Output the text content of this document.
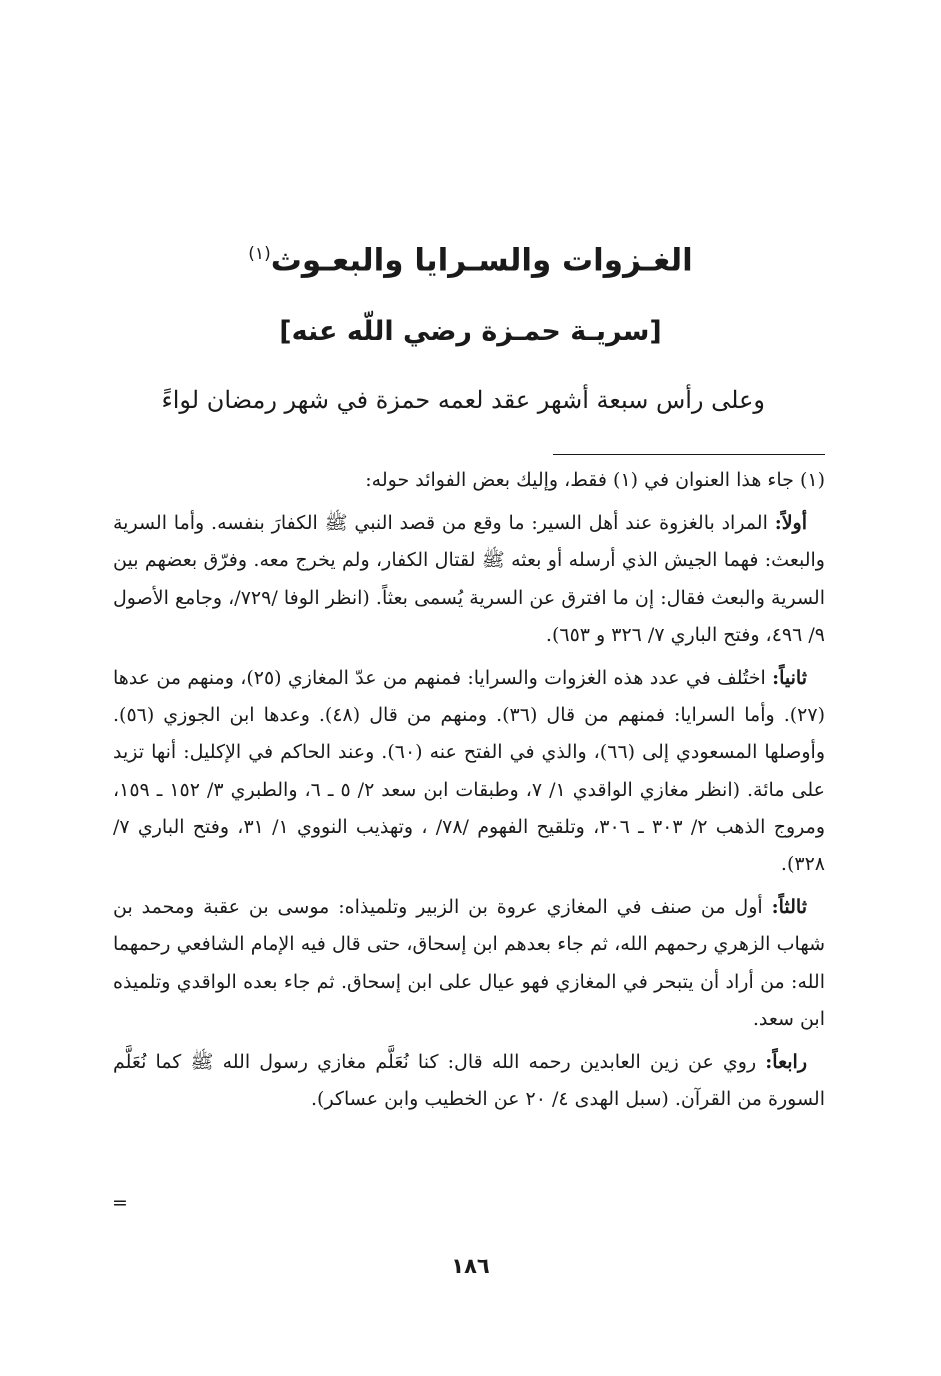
الغـزوات والسـرايا والبعـوث$^{(١)}$
[سريـة حمـزة رضي اللّه عنه]

وعلى رأس سبعة أشهر عقد لعمه حمزة في شهر رمضان لواءً

(١) جاء هذا العنوان في (١) فقط، وإليك بعض الفوائد حوله:

أولاً: المراد بالغزوة عند أهل السير: ما وقع من قصد النبي ﷺ الكفارَ بنفسه. وأما السرية والبعث: فهما الجيش الذي أرسله أو بعثه ﷺ لقتال الكفار، ولم يخرج معه. وفرّق بعضهم بين السرية والبعث فقال: إن ما افترق عن السرية يُسمى بعثاً. (انظر الوفا /٧٢٩/، وجامع الأصول ٩/ ٤٩٦، وفتح الباري ٧/ ٣٢٦ و ٦٥٣).

ثانياً: اختُلف في عدد هذه الغزوات والسرايا: فمنهم من عدّ المغازي (٢٥)، ومنهم من عدها (٢٧). وأما السرايا: فمنهم من قال (٣٦). ومنهم من قال (٤٨). وعدها ابن الجوزي (٥٦). وأوصلها المسعودي إلى (٦٦)، والذي في الفتح عنه (٦٠). وعند الحاكم في الإكليل: أنها تزيد على مائة. (انظر مغازي الواقدي ١/ ٧، وطبقات ابن سعد ٢/ ٥ ـ ٦، والطبري ٣/ ١٥٢ ـ ١٥٩، ومروج الذهب ٢/ ٣٠٣ ـ ٣٠٦، وتلقيح الفهوم /٧٨/ ، وتهذيب النووي ١/ ٣١، وفتح الباري ٧/ ٣٢٨).

ثالثاً: أول من صنف في المغازي عروة بن الزبير وتلميذاه: موسى بن عقبة ومحمد بن شهاب الزهري رحمهم الله، ثم جاء بعدهم ابن إسحاق، حتى قال فيه الإمام الشافعي رحمهما الله: من أراد أن يتبحر في المغازي فهو عيال على ابن إسحاق. ثم جاء بعده الواقدي وتلميذه ابن سعد.

رابعاً: روي عن زين العابدين رحمه الله قال: كنا نُعَلَّم مغازي رسول الله ﷺ كما نُعَلَّم السورة من القرآن. (سبل الهدى ٤/ ٢٠ عن الخطيب وابن عساكر).

=
١٨٦
